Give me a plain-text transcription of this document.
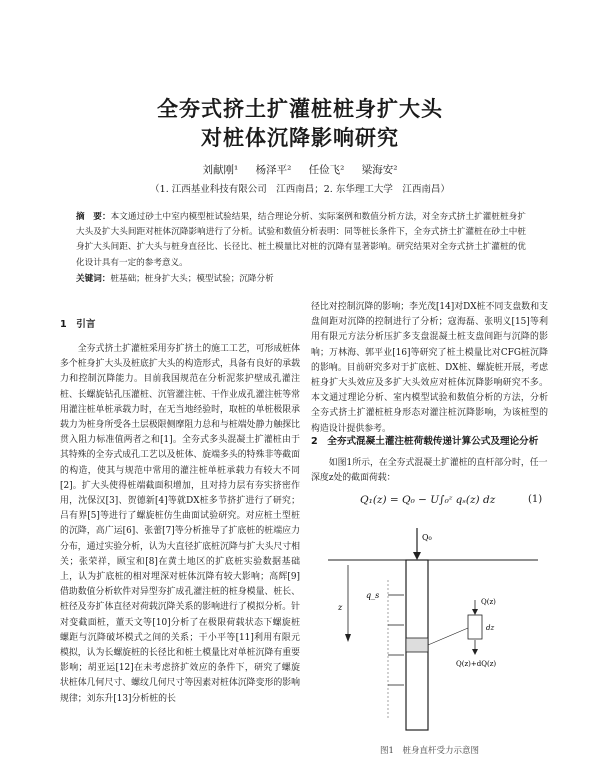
全夯式挤土扩灌桩桩身扩大头
对桩体沉降影响研究
刘献刚¹ 杨泽平² 任俭飞² 梁海安²
（1. 江西基业科技有限公司　江西南昌；2. 东华理工大学　江西南昌）
摘　要：本文通过砂土中室内模型桩试验结果，结合理论分析、实际案例和数值分析方法，对全夯式挤土扩灌桩桩身扩大头及扩大头间距对桩体沉降影响进行了分析。试验和数值分析表明：同等桩长条件下，全夯式挤土扩灌桩在砂土中桩身扩大头间距、扩大头与桩身直径比、长径比、桩土模量比对桩的沉降有显著影响。研究结果对全夯式挤土扩灌桩的优化设计具有一定的参考意义。
关键词：桩基础；桩身扩大头；模型试验；沉降分析
1　引言
全夯式挤土扩灌桩采用夯扩挤土的施工工艺，可形成桩体多个桩身扩大头及桩底扩大头的构造形式，具备有良好的承载力和控制沉降能力。目前我国规范在分析泥浆护壁成孔灌注桩、长螺旋钻孔压灌桩、沉管灌注桩、干作业成孔灌注桩等常用灌注桩单桩承载力时，在无当地经验时，取桩的单桩极限承载力为桩身所受各土层极限侧摩阻力总和与桩端处静力触探比贯入阻力标准值两者之和[1]。全夯式多头混凝土扩灌桩由于其特殊的全夯式成孔工艺以及桩体、旋端多头的特殊非等截面的构造，使其与规范中常用的灌注桩单桩承载力有较大不同[2]。扩大头使得桩端截面积增加，且对持力层有夯实挤密作用，沈保汉[3]、贺德新[4]等就DX桩多节挤扩进行了研究；吕有界[5]等进行了螺旋桩仿生曲面试验研究。对应桩土型桩的沉降，高广运[6]、张蕾[7]等分析推导了扩底桩的桩端应力分布，通过实验分析，认为大直径扩底桩沉降与扩大头尺寸相关；张荣祥，顾宝和[8]在黄土地区的扩底桩实验数据基础上，认为扩底桩的相对埋深对桩体沉降有较大影响；高辉[9]借助数值分析软件对异型夯扩成孔灌注桩的桩身模量、桩长、桩径及夯扩体直径对荷载沉降关系的影响进行了模拟分析。针对变截面桩，董天文等[10]分析了在极限荷载状态下螺旋桩螺距与沉降破坏模式之间的关系；干小平等[11]利用有限元模拟，认为长螺旋桩的长径比和桩土模量比对单桩沉降有重要影响；胡亚运[12]在未考虑挤扩效应的条件下，研究了螺旋状桩体几何尺寸、螺纹几何尺寸等因素对桩体沉降变形的影响规律；刘东升[13]分析桩的长
径比对控制沉降的影响；李光茂[14]对DX桩不同支盘数和支盘间距对沉降的控制进行了分析；寇海磊、张明义[15]等利用有限元方法分析压扩多支盘混凝土桩支盘间距与沉降的影响；万林海、郭平业[16]等研究了桩土模量比对CFG桩沉降的影响。目前研究多对于扩底桩、DX桩、螺旋桩开展，考虑桩身扩大头效应及多扩大头效应对桩体沉降影响研究不多。本文通过理论分析、室内模型试验和数值分析的方法，分析全夯式挤土扩灌桩桩身形态对灌注桩沉降影响，为该桩型的构造设计提供参考。
2　全夯式混凝土灌注桩荷载传递计算公式及理论分析
如图1所示，在全夯式混凝土扩灌桩的直杆部分时，任一深度z处的截面荷载：
Q₁(z) = Q₀ − U∫₀ᶻ qₛ(z) dz	(1)
Q₀
q_s
z
Q(z)
Q(z)+dQ(z)
dz
图1　桩身直杆受力示意图
